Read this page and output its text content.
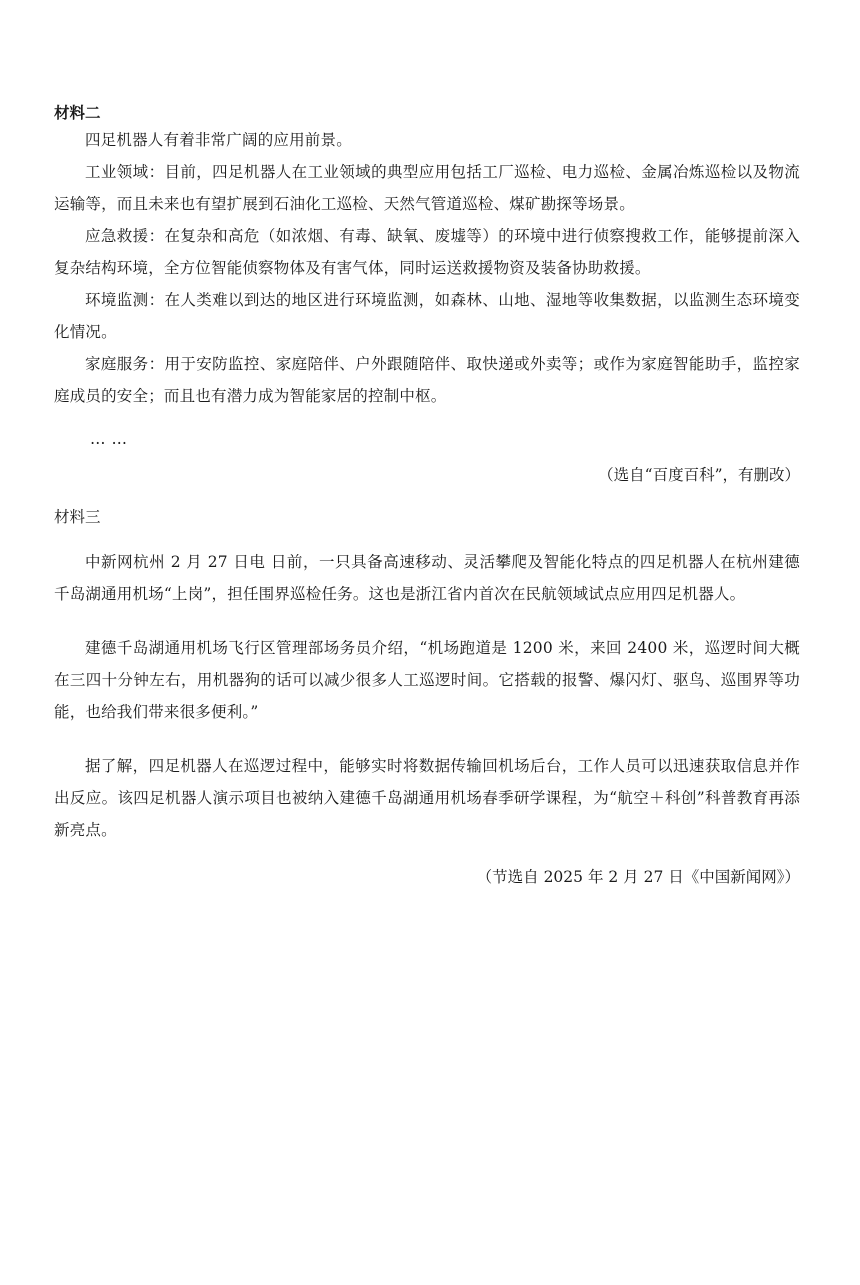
材料二

四足机器人有着非常广阔的应用前景。

工业领域：目前，四足机器人在工业领域的典型应用包括工厂巡检、电力巡检、金属冶炼巡检以及物流运输等，而且未来也有望扩展到石油化工巡检、天然气管道巡检、煤矿勘探等场景。

应急救援：在复杂和高危（如浓烟、有毒、缺氧、废墟等）的环境中进行侦察搜救工作，能够提前深入复杂结构环境，全方位智能侦察物体及有害气体，同时运送救援物资及装备协助救援。

环境监测：在人类难以到达的地区进行环境监测，如森林、山地、湿地等收集数据，以监测生态环境变化情况。

家庭服务：用于安防监控、家庭陪伴、户外跟随陪伴、取快递或外卖等；或作为家庭智能助手，监控家庭成员的安全；而且也有潜力成为智能家居的控制中枢。

……

（选自“百度百科”，有删改）

材料三

中新网杭州 2 月 27 日电 日前，一只具备高速移动、灵活攀爬及智能化特点的四足机器人在杭州建德千岛湖通用机场“上岗”，担任围界巡检任务。这也是浙江省内首次在民航领域试点应用四足机器人。

建德千岛湖通用机场飞行区管理部场务员介绍，“机场跑道是 1200 米，来回 2400 米，巡逻时间大概在三四十分钟左右，用机器狗的话可以减少很多人工巡逻时间。它搭载的报警、爆闪灯、驱鸟、巡围界等功能，也给我们带来很多便利。”

据了解，四足机器人在巡逻过程中，能够实时将数据传输回机场后台，工作人员可以迅速获取信息并作出反应。该四足机器人演示项目也被纳入建德千岛湖通用机场春季研学课程，为“航空＋科创”科普教育再添新亮点。

（节选自 2025 年 2 月 27 日《中国新闻网》）
